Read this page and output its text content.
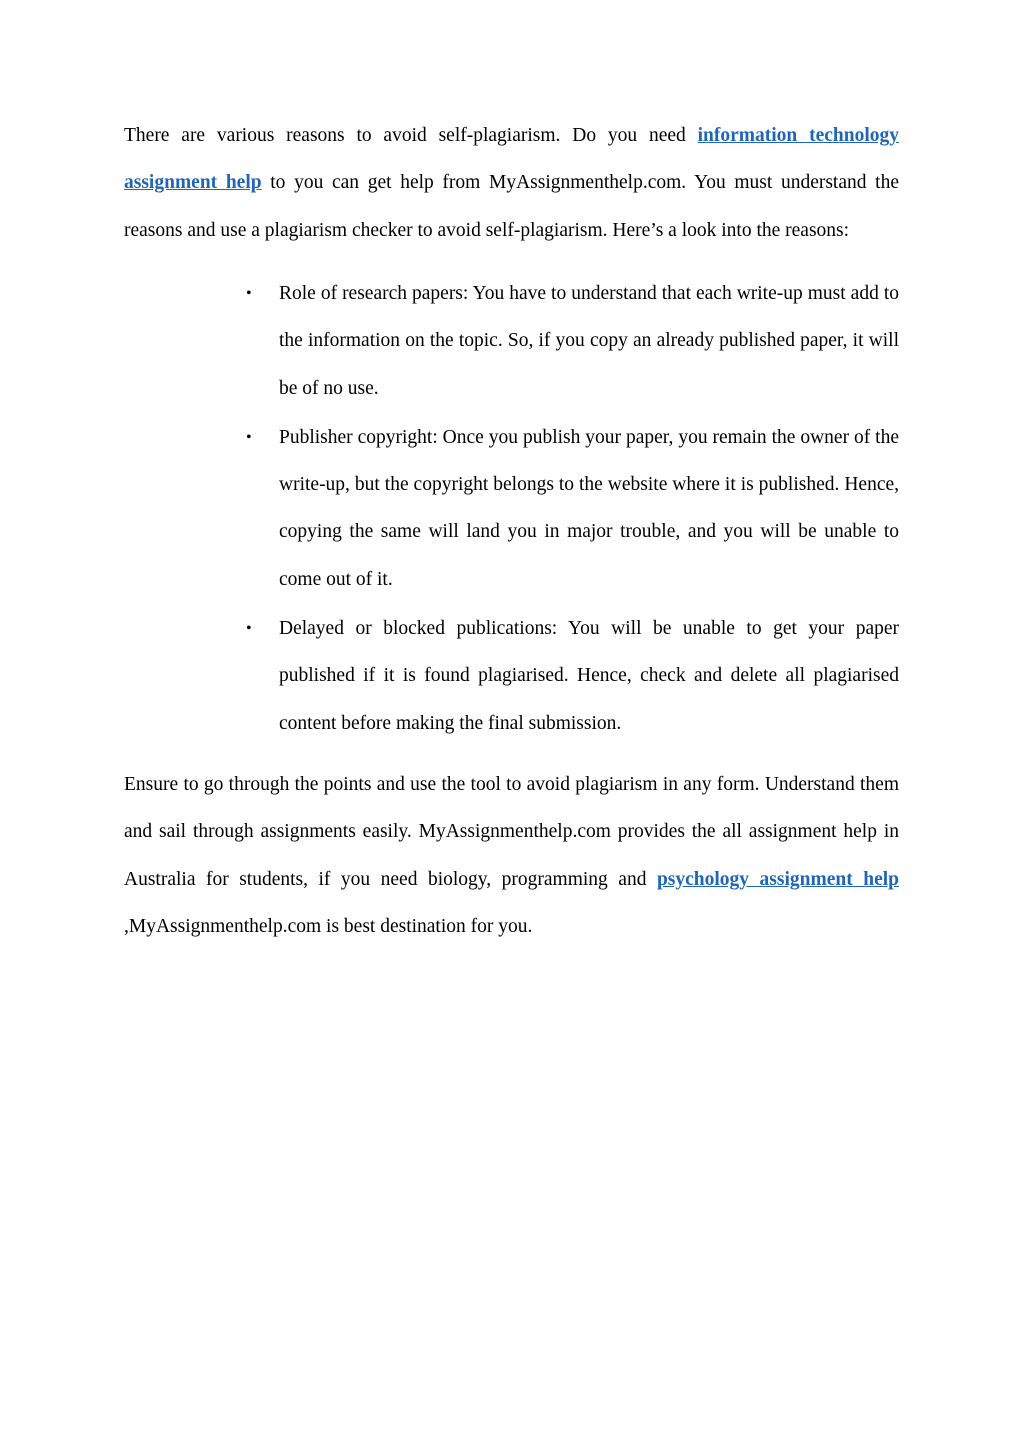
There are various reasons to avoid self-plagiarism. Do you need information technology assignment help to you can get help from MyAssignmenthelp.com. You must understand the reasons and use a plagiarism checker to avoid self-plagiarism. Here’s a look into the reasons:

• Role of research papers: You have to understand that each write-up must add to the information on the topic. So, if you copy an already published paper, it will be of no use.
• Publisher copyright: Once you publish your paper, you remain the owner of the write-up, but the copyright belongs to the website where it is published. Hence, copying the same will land you in major trouble, and you will be unable to come out of it.
• Delayed or blocked publications: You will be unable to get your paper published if it is found plagiarised. Hence, check and delete all plagiarised content before making the final submission.

Ensure to go through the points and use the tool to avoid plagiarism in any form. Understand them and sail through assignments easily. MyAssignmenthelp.com provides the all assignment help in Australia for students, if you need biology, programming and psychology assignment help ,MyAssignmenthelp.com is best destination for you.
